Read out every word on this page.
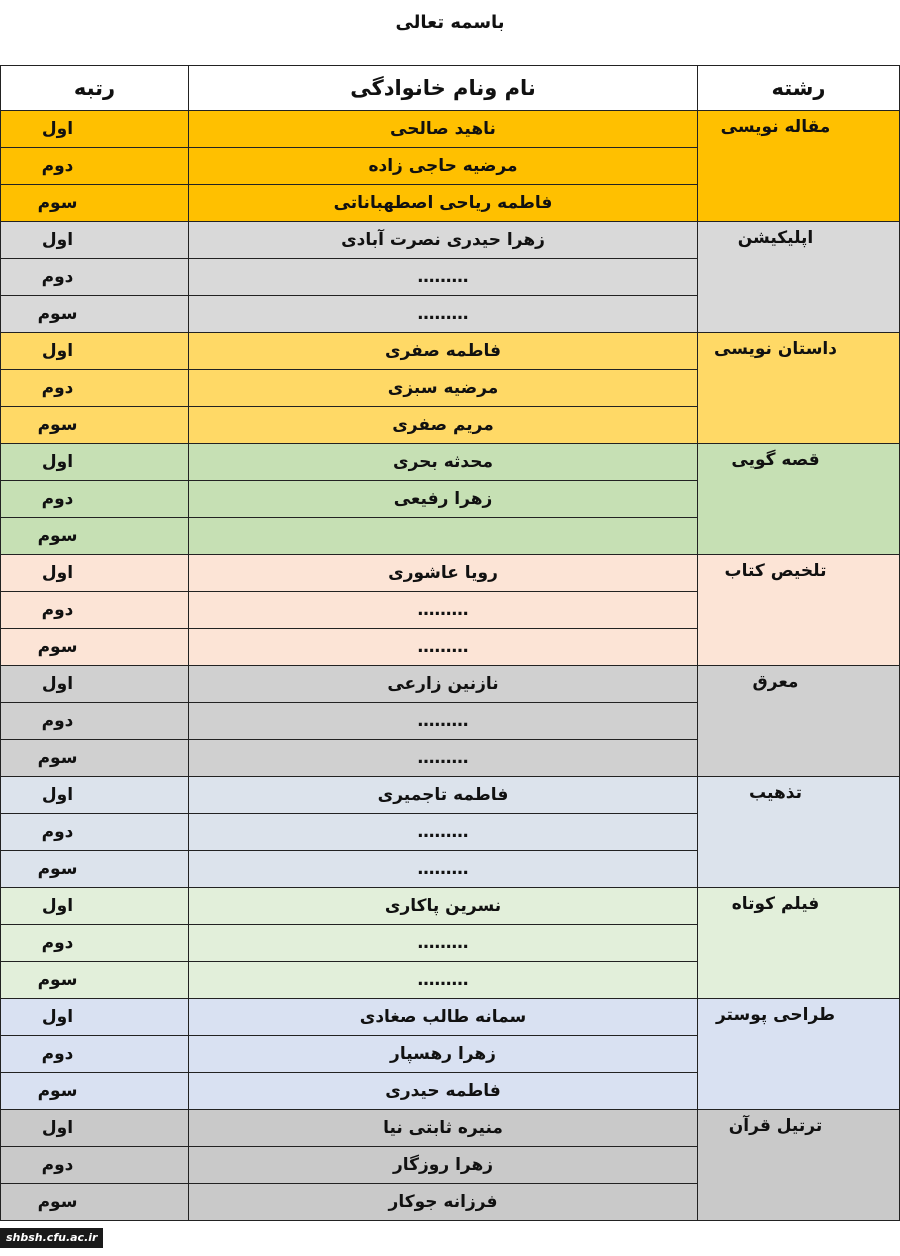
باسمه تعالی
رشته	نام ونام خانوادگی	رتبه
مقاله نویسی	ناهید صالحی	اول
	مرضیه حاجی زاده	دوم
	فاطمه ریاحی اصطهباناتی	سوم
اپلیکیشن	زهرا حیدری نصرت آبادی	اول
	………	دوم
	………	سوم
داستان نویسی	فاطمه صفری	اول
	مرضیه سبزی	دوم
	مریم صفری	سوم
قصه گویی	محدثه بحری	اول
	زهرا رفیعی	دوم
		سوم
تلخیص کتاب	رویا عاشوری	اول
	………	دوم
	………	سوم
معرق	نازنین زارعی	اول
	………	دوم
	………	سوم
تذهیب	فاطمه تاجمیری	اول
	………	دوم
	………	سوم
فیلم کوتاه	نسرین پاکاری	اول
	………	دوم
	………	سوم
طراحی پوستر	سمانه طالب صغادی	اول
	زهرا رهسپار	دوم
	فاطمه حیدری	سوم
ترتیل قرآن	منیره ثابتی نیا	اول
	زهرا روزگار	دوم
	فرزانه جوکار	سوم
shbsh.cfu.ac.ir
